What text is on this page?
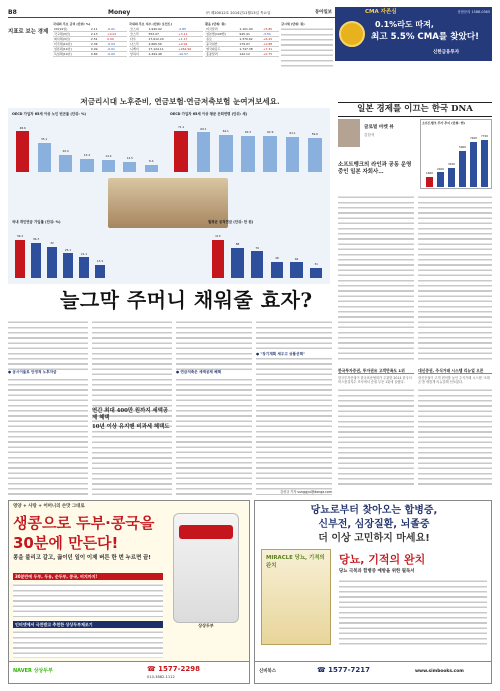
B8	Money	㈜ 제20012호 2014년11월13일 목요일	동아일보	CMA 자존심	상담문의 1588-0365
0.1%라도 따져,
최고 5.5% CMA를 찾았다!
신한금융투자
지표로 보는 경제
국내외 주요 금리 (단위: %)
CD(91일)	2.11	-0.01
국고채(3년)	2.13	+0.01
회사채(3년)	2.51	0.00
미국채(10년)	2.36	-0.04
일본채(10년)	0.49	-0.01
독일채(10년)	0.84	-0.02
국내외 주요 지수 (단위: 포인트)
코스피	1,940.92	-2.85
코스닥	552.07	+3.11
다우	17,612.20	+1.17
나스닥	4,660.56	+9.94
니케이	17,124.11	+262.96
상하이	2,494.48	-10.57
환율 (단위: 원)
미국달러	1,101.90	+5.80
일본엔(100엔)	945.41	-3.54
유로	1,370.62	+6.45
중국위안	179.97	+0.88
영국파운드	1,747.38	+7.31
홍콩달러	142.12	+0.75
금시세 (단위: 원)
저금리시대 노후준비, 연금보험·연금저축보험 눈여겨보세요.
OECD 가입자 65세 이상 노인 빈곤율 (단위: %)
48.6
35.1
20.4
15.4	14.2	12.5
8.4
OECD 가입자 65세 이상 평균 은퇴연령 (단위: 세)
71.1	69.1
64.1	63.3	62.9	61.1	59.6
국내 개인연금 가입률 (단위: %)
39.2
36.3
32
25.1
21.1
13.4
월평균 공적연금 (단위: 만 원)
113
88
79
48	46
31
늘그막 주머니 채워줄 효자?
연간 최대 400만 원까지 세액공제 혜택
10년 이상 유지땐 비과세 혜택도
● 공시이율로 안정적 노후자금	● 연금저축은 세액공제 혜택
● "장기계획 세우고 상품선택"
김성규 기자 sunggyu@donga.com
일본 경제를 이끄는 한국 DNA
글로벌 마켓 뷰
김한석
소프트뱅크의 라인과 공동 운영 중인 일본 자회사…
소프트뱅크 주가 추이 (단위: 엔)
1600
2400
3100
5900
7400	7720
한국투자증권, 투자권유 고객만족도 1위
한국투자증권이 한국표준협회가 주관한 2014 한국서비스품질지수 조사에서 증권 부문 1위에 올랐다.
대신증권, 주식거래 시스템 리뉴얼 오픈
대신증권이 고객 편의를 높인 주식거래 시스템 '크레온'을 새롭게 리뉴얼해 선보였다.
영양 + 사랑 + 어머니의 손맛 그대로
생콩으로 두부·콩국을
30분에 만든다!
콩을 불리고 갈고, 끓이던 일이 이제 버튼 한 번 누르면 끝!
30분만에 두부, 두유, 순두부, 콩국, 비지까지!
인터넷에서 극찬받고 추천한 상상두부제조기	상상두부
NAVER 상상두부	☎ 1577-2298
010-3882-1112
당뇨로부터 찾아오는 합병증,
신부전, 심장질환, 뇌졸중
더 이상 고민하지 마세요!
MIRACLE 당뇨, 기적의 완치	당뇨, 기적의 완치
당뇨 극복과 합병증 예방을 위한 필독서
신비북스	☎ 1577-7217	www.simbooks.com
